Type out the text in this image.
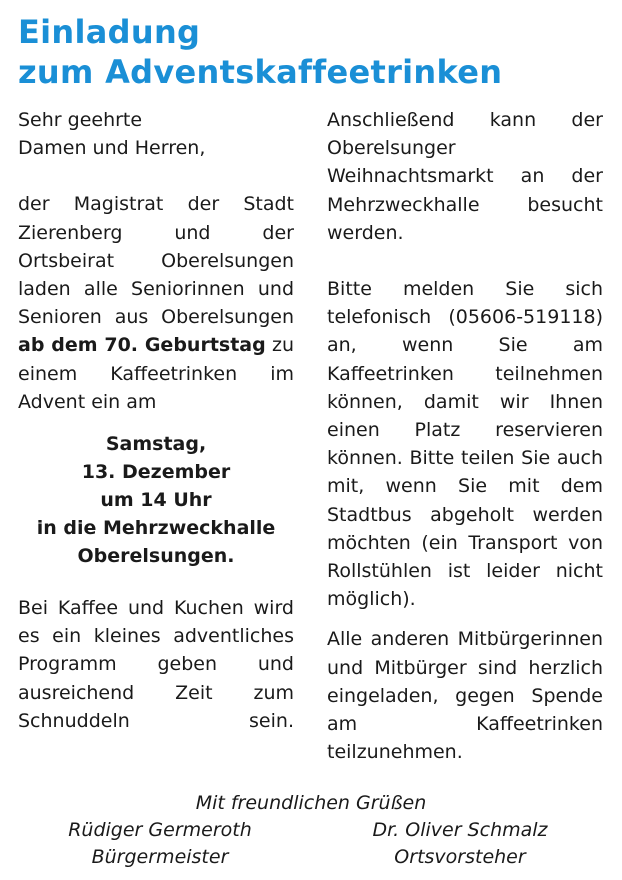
Einladung
zum Adventskaffeetrinken

Sehr geehrte

Damen und Herren,

der Magistrat der Stadt Zierenberg und der Ortsbeirat Oberelsungen laden alle Seniorinnen und Senioren aus Oberelsungen ab dem 70. Geburtstag zu einem Kaffeetrinken im Advent ein am

Samstag,
13. Dezember
um 14 Uhr
in die Mehrzweckhalle
Oberelsungen.

Bei Kaffee und Kuchen wird es ein kleines adventliches Programm geben und ausreichend Zeit zum Schnuddeln sein.

Anschließend kann der Oberelsunger Weihnachtsmarkt an der Mehrzweckhalle besucht werden.

Bitte melden Sie sich telefonisch (05606-519118) an, wenn Sie am Kaffeetrinken teilnehmen können, damit wir Ihnen einen Platz reservieren können. Bitte teilen Sie auch mit, wenn Sie mit dem Stadtbus abgeholt werden möchten (ein Transport von Rollstühlen ist leider nicht möglich).

Alle anderen Mitbürgerinnen und Mitbürger sind herzlich eingeladen, gegen Spende am Kaffeetrinken teilzunehmen.

Mit freundlichen Grüßen
Rüdiger Germeroth
Bürgermeister
Dr. Oliver Schmalz
Ortsvorsteher
